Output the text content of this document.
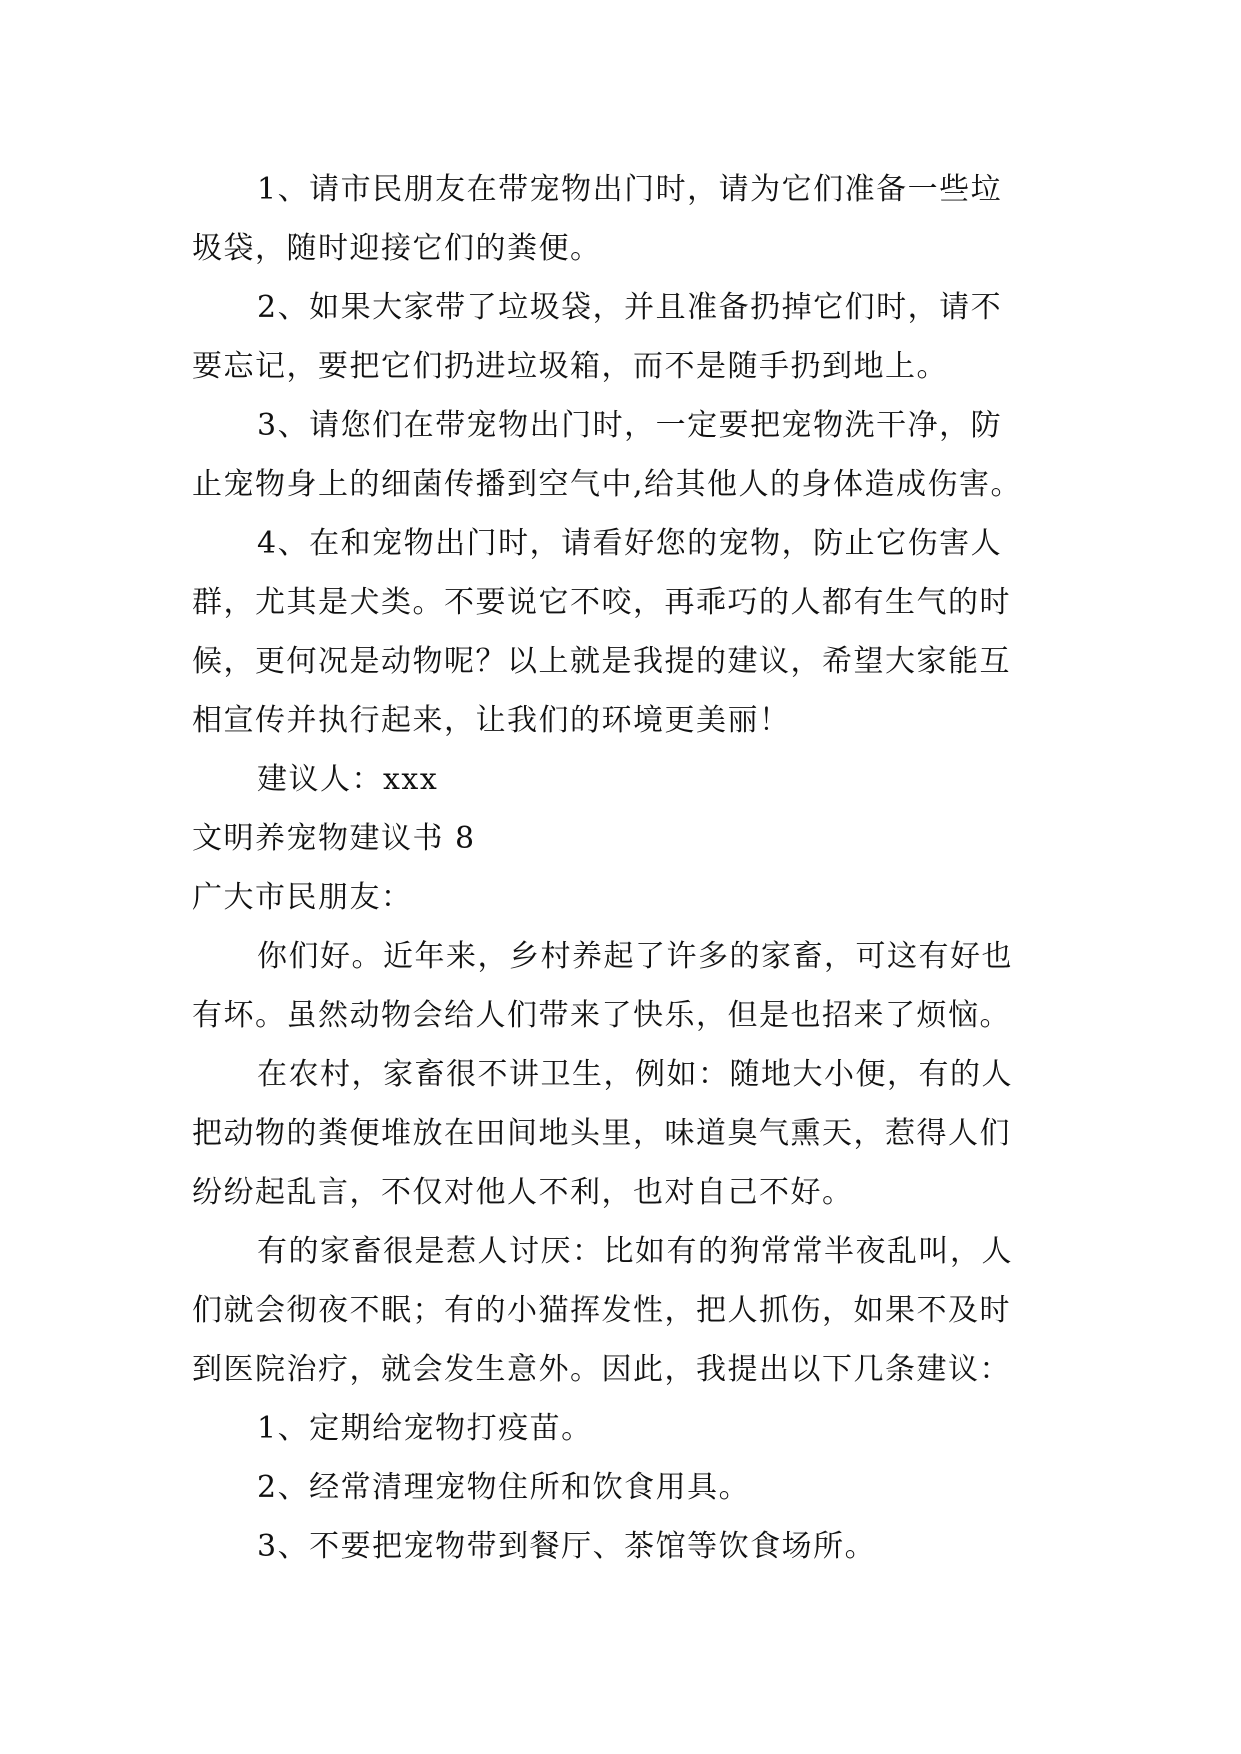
1、请市民朋友在带宠物出门时，请为它们准备一些垃
圾袋，随时迎接它们的粪便。
2、如果大家带了垃圾袋，并且准备扔掉它们时，请不
要忘记，要把它们扔进垃圾箱，而不是随手扔到地上。
3、请您们在带宠物出门时，一定要把宠物洗干净，防
止宠物身上的细菌传播到空气中,给其他人的身体造成伤害。
4、在和宠物出门时，请看好您的宠物，防止它伤害人
群，尤其是犬类。不要说它不咬，再乖巧的人都有生气的时
候，更何况是动物呢？以上就是我提的建议，希望大家能互
相宣传并执行起来，让我们的环境更美丽！
建议人：xxx
文明养宠物建议书 8
广大市民朋友：
你们好。近年来，乡村养起了许多的家畜，可这有好也
有坏。虽然动物会给人们带来了快乐，但是也招来了烦恼。
在农村，家畜很不讲卫生，例如：随地大小便，有的人
把动物的粪便堆放在田间地头里，味道臭气熏天，惹得人们
纷纷起乱言，不仅对他人不利，也对自己不好。
有的家畜很是惹人讨厌：比如有的狗常常半夜乱叫，人
们就会彻夜不眠；有的小猫挥发性，把人抓伤，如果不及时
到医院治疗，就会发生意外。因此，我提出以下几条建议：
1、定期给宠物打疫苗。
2、经常清理宠物住所和饮食用具。
3、不要把宠物带到餐厅、茶馆等饮食场所。
